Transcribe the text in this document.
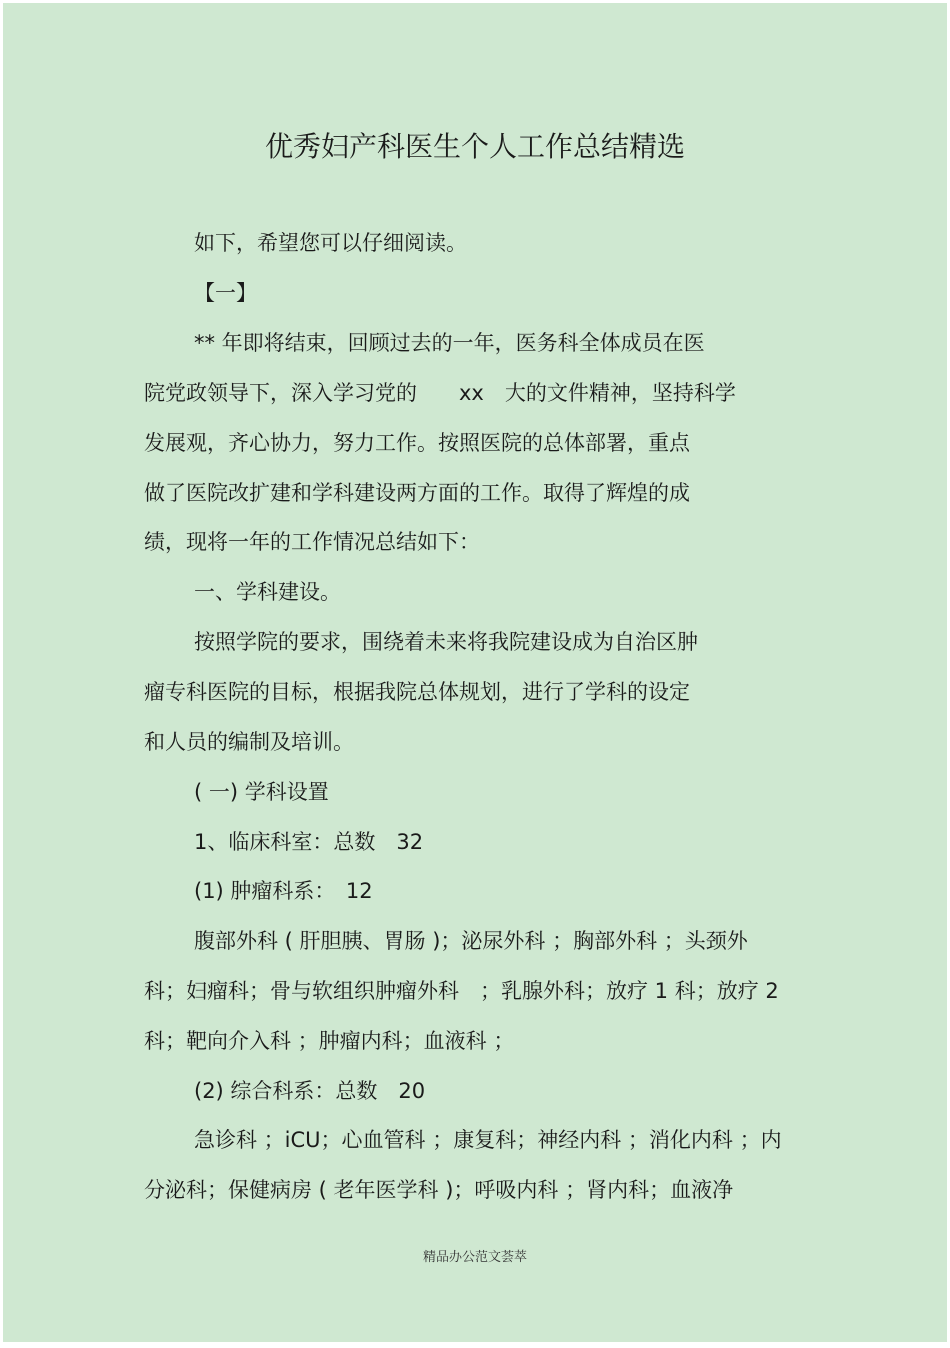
优秀妇产科医生个人工作总结精选
如下，希望您可以仔细阅读。
【一】
** 年即将结束，回顾过去的一年，医务科全体成员在医
院党政领导下，深入学习党的　　xx　大的文件精神，坚持科学
发展观，齐心协力，努力工作。按照医院的总体部署，重点
做了医院改扩建和学科建设两方面的工作。取得了辉煌的成
绩，现将一年的工作情况总结如下：
一、学科建设。
按照学院的要求，围绕着未来将我院建设成为自治区肿
瘤专科医院的目标，根据我院总体规划，进行了学科的设定
和人员的编制及培训。
( 一) 学科设置
1、临床科室：总数　32
(1) 肿瘤科系：　12
腹部外科 ( 肝胆胰、胃肠 )；泌尿外科 ；胸部外科 ；头颈外
科；妇瘤科；骨与软组织肿瘤外科　；乳腺外科；放疗 1 科；放疗 2
科；靶向介入科 ；肿瘤内科；血液科 ；
(2) 综合科系：总数　20
急诊科 ；iCU；心血管科 ；康复科；神经内科 ；消化内科 ；内
分泌科；保健病房 ( 老年医学科 )；呼吸内科 ；肾内科；血液净
精品办公范文荟萃
